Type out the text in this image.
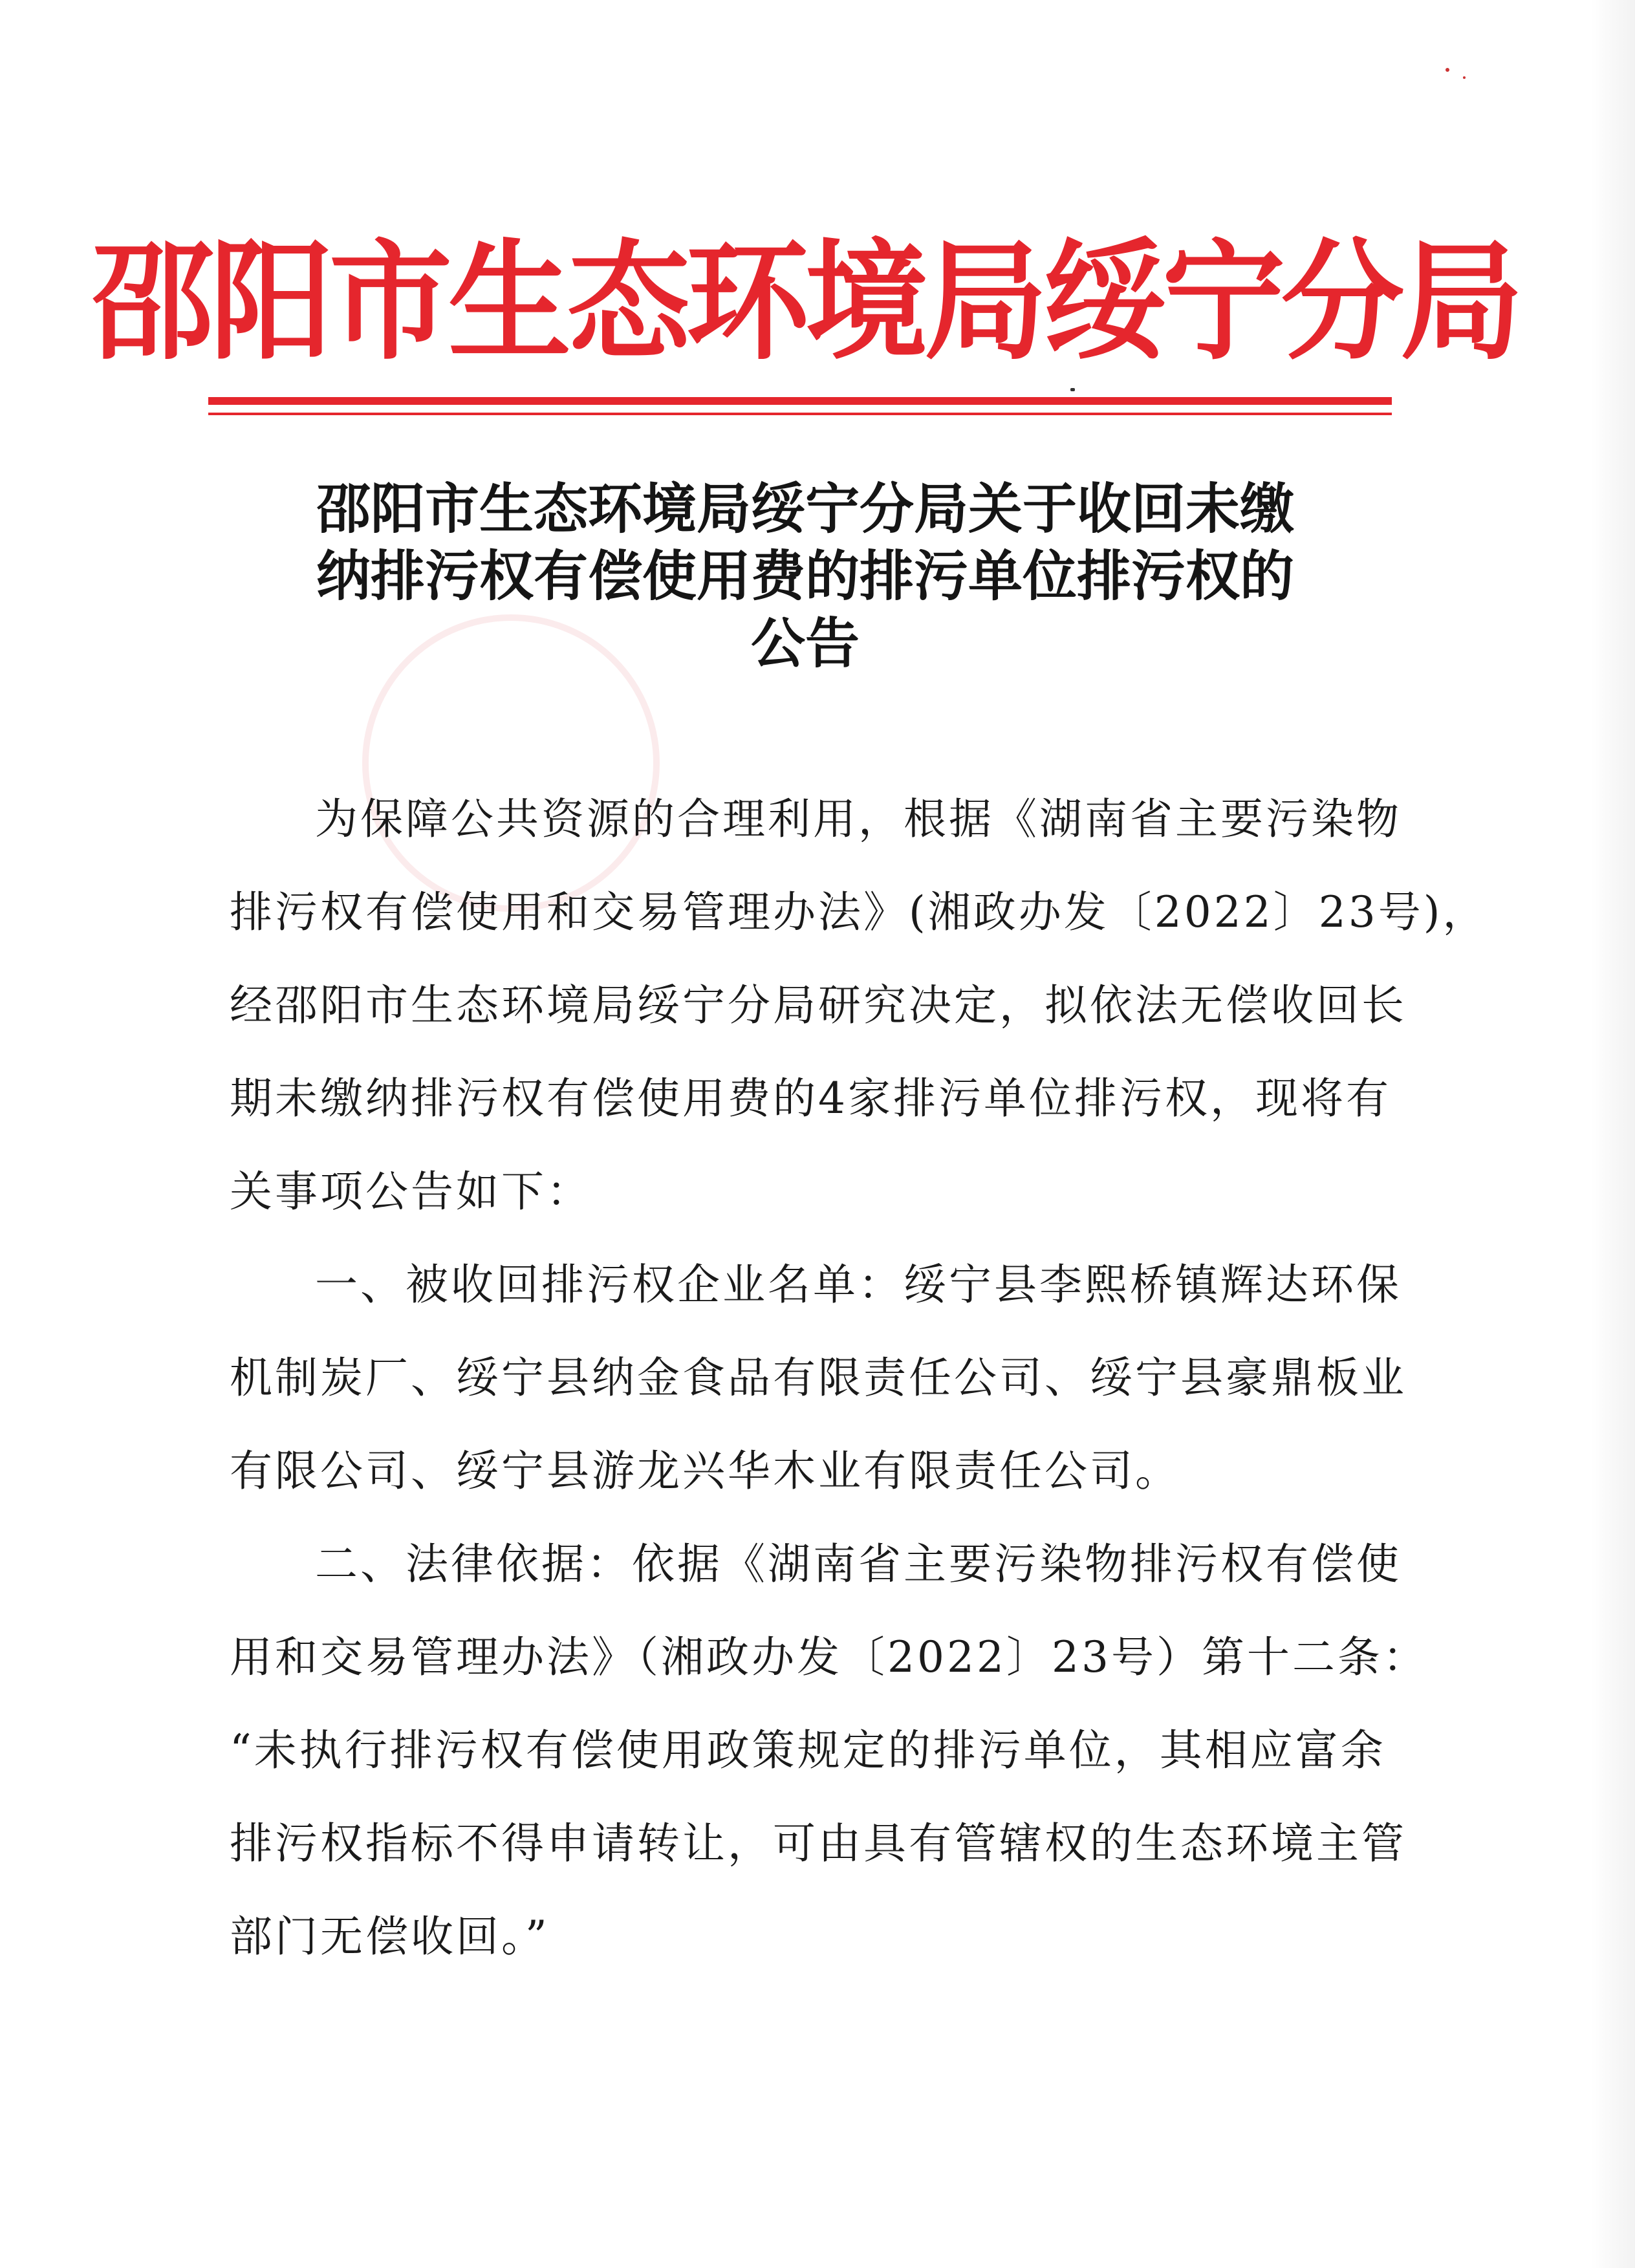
邵阳市生态环境局绥宁分局
邵阳市生态环境局绥宁分局关于收回未缴
纳排污权有偿使用费的排污单位排污权的
公告
为保障公共资源的合理利用，根据《湖南省主要污染物
排污权有偿使用和交易管理办法》(湘政办发〔2022〕23号)，
经邵阳市生态环境局绥宁分局研究决定，拟依法无偿收回长
期未缴纳排污权有偿使用费的4家排污单位排污权，现将有
关事项公告如下：
一、被收回排污权企业名单：绥宁县李熙桥镇辉达环保
机制炭厂、绥宁县纳金食品有限责任公司、绥宁县豪鼎板业
有限公司、绥宁县游龙兴华木业有限责任公司。
二、法律依据：依据《湖南省主要污染物排污权有偿使
用和交易管理办法》（湘政办发〔2022〕23号）第十二条：
“未执行排污权有偿使用政策规定的排污单位，其相应富余
排污权指标不得申请转让，可由具有管辖权的生态环境主管
部门无偿收回。”
